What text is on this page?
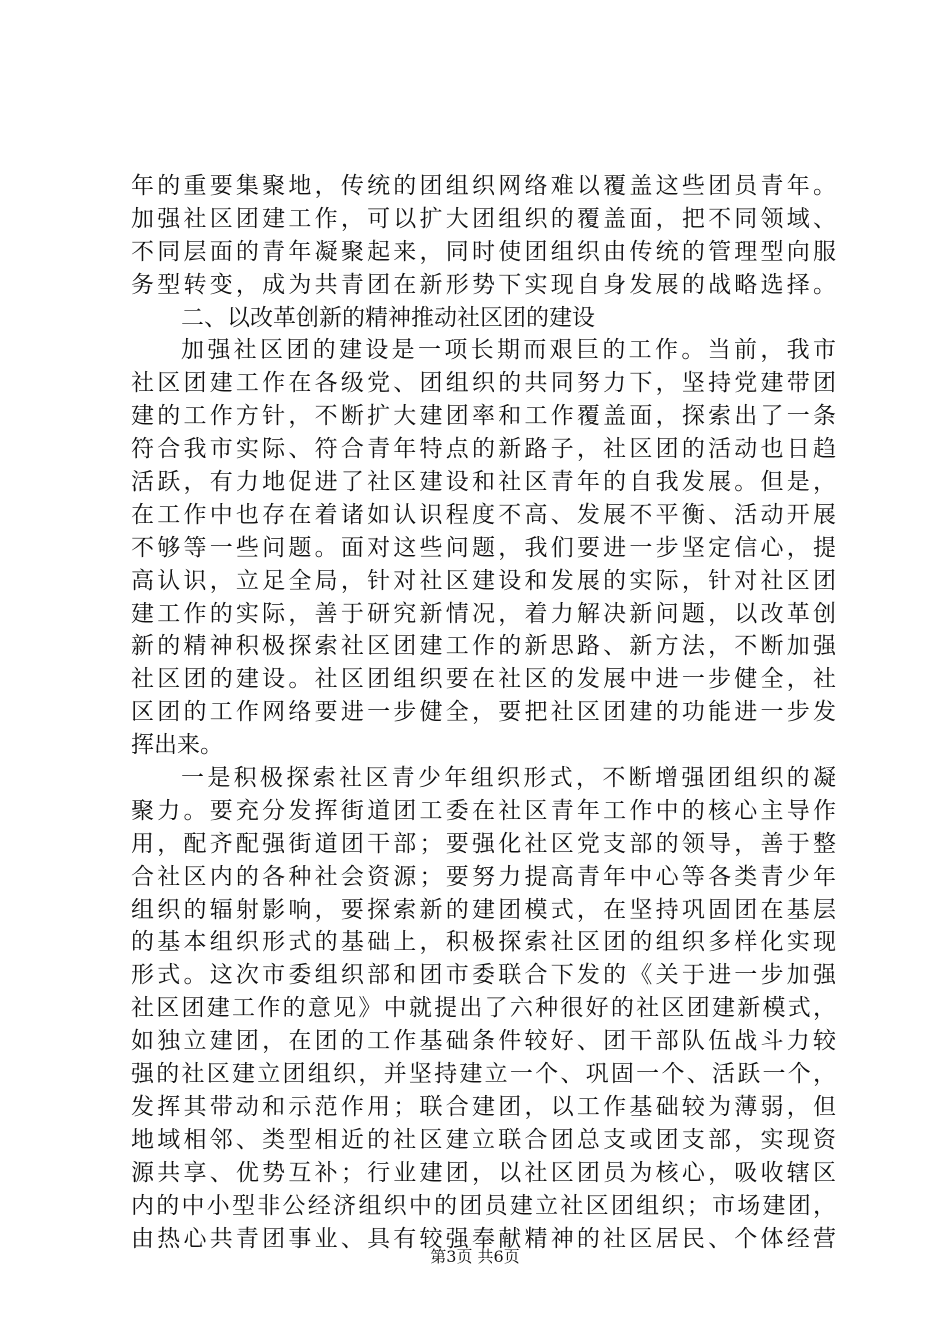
年的重要集聚地，传统的团组织网络难以覆盖这些团员青年。
加强社区团建工作，可以扩大团组织的覆盖面，把不同领域、
不同层面的青年凝聚起来，同时使团组织由传统的管理型向服
务型转变，成为共青团在新形势下实现自身发展的战略选择。
二、以改革创新的精神推动社区团的建设
加强社区团的建设是一项长期而艰巨的工作。当前，我市
社区团建工作在各级党、团组织的共同努力下，坚持党建带团
建的工作方针，不断扩大建团率和工作覆盖面，探索出了一条
符合我市实际、符合青年特点的新路子，社区团的活动也日趋
活跃，有力地促进了社区建设和社区青年的自我发展。但是，
在工作中也存在着诸如认识程度不高、发展不平衡、活动开展
不够等一些问题。面对这些问题，我们要进一步坚定信心，提
高认识，立足全局，针对社区建设和发展的实际，针对社区团
建工作的实际，善于研究新情况，着力解决新问题，以改革创
新的精神积极探索社区团建工作的新思路、新方法，不断加强
社区团的建设。社区团组织要在社区的发展中进一步健全，社
区团的工作网络要进一步健全，要把社区团建的功能进一步发
挥出来。
一是积极探索社区青少年组织形式，不断增强团组织的凝
聚力。要充分发挥街道团工委在社区青年工作中的核心主导作
用，配齐配强街道团干部；要强化社区党支部的领导，善于整
合社区内的各种社会资源；要努力提高青年中心等各类青少年
组织的辐射影响，要探索新的建团模式，在坚持巩固团在基层
的基本组织形式的基础上，积极探索社区团的组织多样化实现
形式。这次市委组织部和团市委联合下发的《关于进一步加强
社区团建工作的意见》中就提出了六种很好的社区团建新模式，
如独立建团，在团的工作基础条件较好、团干部队伍战斗力较
强的社区建立团组织，并坚持建立一个、巩固一个、活跃一个，
发挥其带动和示范作用；联合建团，以工作基础较为薄弱，但
地域相邻、类型相近的社区建立联合团总支或团支部，实现资
源共享、优势互补；行业建团，以社区团员为核心，吸收辖区
内的中小型非公经济组织中的团员建立社区团组织；市场建团，
由热心共青团事业、具有较强奉献精神的社区居民、个体经营
第3页 共6页
